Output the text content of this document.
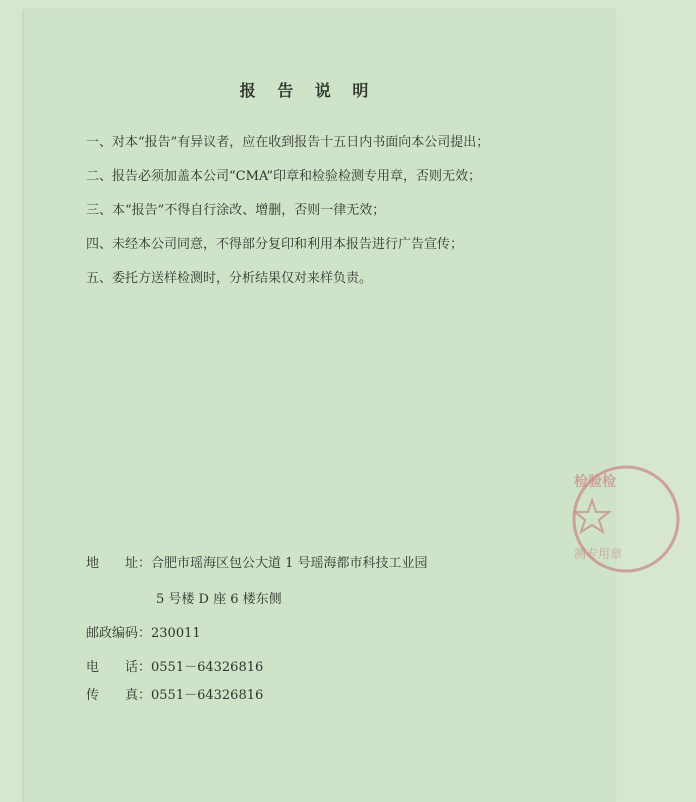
报 告 说 明
一、对本“报告”有异议者，应在收到报告十五日内书面向本公司提出；
二、报告必须加盖本公司“CMA”印章和检验检测专用章，否则无效；
三、本“报告”不得自行涂改、增删，否则一律无效；
四、未经本公司同意，不得部分复印和利用本报告进行广告宣传；
五、委托方送样检测时，分析结果仅对来样负责。
地　　址：合肥市瑶海区包公大道 1 号瑶海都市科技工业园
5 号楼 D 座 6 楼东侧
邮政编码：230011
电　　话：0551－64326816
传　　真：0551－64326816
检验检
测专用章
